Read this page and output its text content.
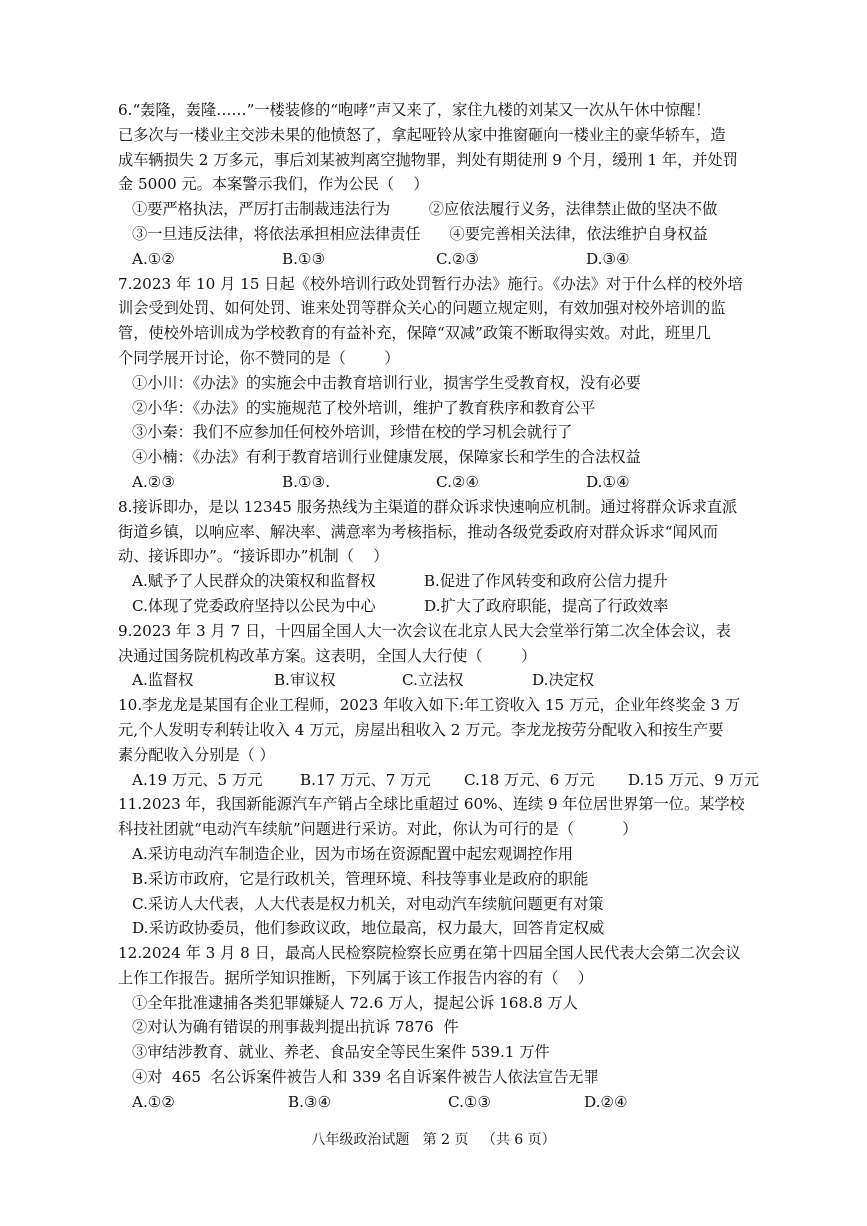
6.“轰隆，轰隆……”一楼装修的“咆哮”声又来了，家住九楼的刘某又一次从午休中惊醒！
已多次与一楼业主交涉未果的他愤怒了，拿起哑铃从家中推窗砸向一楼业主的豪华轿车，造
成车辆损失 2 万多元，事后刘某被判离空抛物罪，判处有期徒刑 9 个月，缓刑 1 年，并处罚
金 5000 元。本案警示我们，作为公民（    ）
①要严格执法，严厉打击制裁违法行为        ②应依法履行义务，法律禁止做的坚决不做
③一旦违反法律，将依法承担相应法律责任      ④要完善相关法律，依法维护自身权益
A.①②	B.①③	C.②③	D.③④
7.2023 年 10 月 15 日起《校外培训行政处罚暂行办法》施行。《办法》对于什么样的校外培
训会受到处罚、如何处罚、谁来处罚等群众关心的问题立规定则，有效加强对校外培训的监
管，使校外培训成为学校教育的有益补充，保障“双减”政策不断取得实效。对此，班里几
个同学展开讨论，你不赞同的是（        ）
①小川：《办法》的实施会中击教育培训行业，损害学生受教育权，没有必要
②小华：《办法》的实施规范了校外培训，维护了教育秩序和教育公平
③小秦：我们不应参加任何校外培训，珍惜在校的学习机会就行了
④小楠：《办法》有利于教育培训行业健康发展，保障家长和学生的合法权益
A.②③	B.①③.	C.②④	D.①④
8.接诉即办，是以 12345 服务热线为主渠道的群众诉求快速响应机制。通过将群众诉求直派
街道乡镇，以响应率、解决率、满意率为考核指标，推动各级党委政府对群众诉求“闻风而
动、接诉即办”。“接诉即办”机制（    ）
A.赋予了人民群众的决策权和监督权          B.促进了作风转变和政府公信力提升
C.体现了党委政府坚持以公民为中心          D.扩大了政府职能，提高了行政效率
9.2023 年 3 月 7 日，十四届全国人大一次会议在北京人民大会堂举行第二次全体会议，表
决通过国务院机构改革方案。这表明，全国人大行使（        ）
A.监督权	B.审议权	C.立法权	D.决定权
10.李龙龙是某国有企业工程师，2023 年收入如下:年工资收入 15 万元，企业年终奖金 3 万
元,个人发明专利转让收入 4 万元，房屋出租收入 2 万元。李龙龙按劳分配收入和按生产要
素分配收入分别是（ ）
A.19 万元、5 万元	B.17 万元、7 万元	C.18 万元、6 万元	D.15 万元、9 万元
11.2023 年，我国新能源汽车产销占全球比重超过 60%、连续 9 年位居世界第一位。某学校
科技社团就“电动汽车续航”问题进行采访。对此，你认为可行的是（          ）
A.采访电动汽车制造企业，因为市场在资源配置中起宏观调控作用
B.采访市政府，它是行政机关，管理环境、科技等事业是政府的职能
C.采访人大代表，人大代表是权力机关，对电动汽车续航问题更有对策
D.采访政协委员，他们参政议政，地位最高，权力最大，回答肯定权威
12.2024 年 3 月 8 日，最高人民检察院检察长应勇在第十四届全国人民代表大会第二次会议
上作工作报告。据所学知识推断，下列属于该工作报告内容的有（    ）
①全年批准逮捕各类犯罪嫌疑人 72.6 万人，提起公诉 168.8 万人
②对认为确有错误的刑事裁判提出抗诉 7876  件
③审结涉教育、就业、养老、食品安全等民生案件 539.1 万件
④对  465  名公诉案件被告人和 339 名自诉案件被告人依法宣告无罪
A.①②	B.③④	C.①③	D.②④
八年级政治试题   第 2 页   （共 6 页）
